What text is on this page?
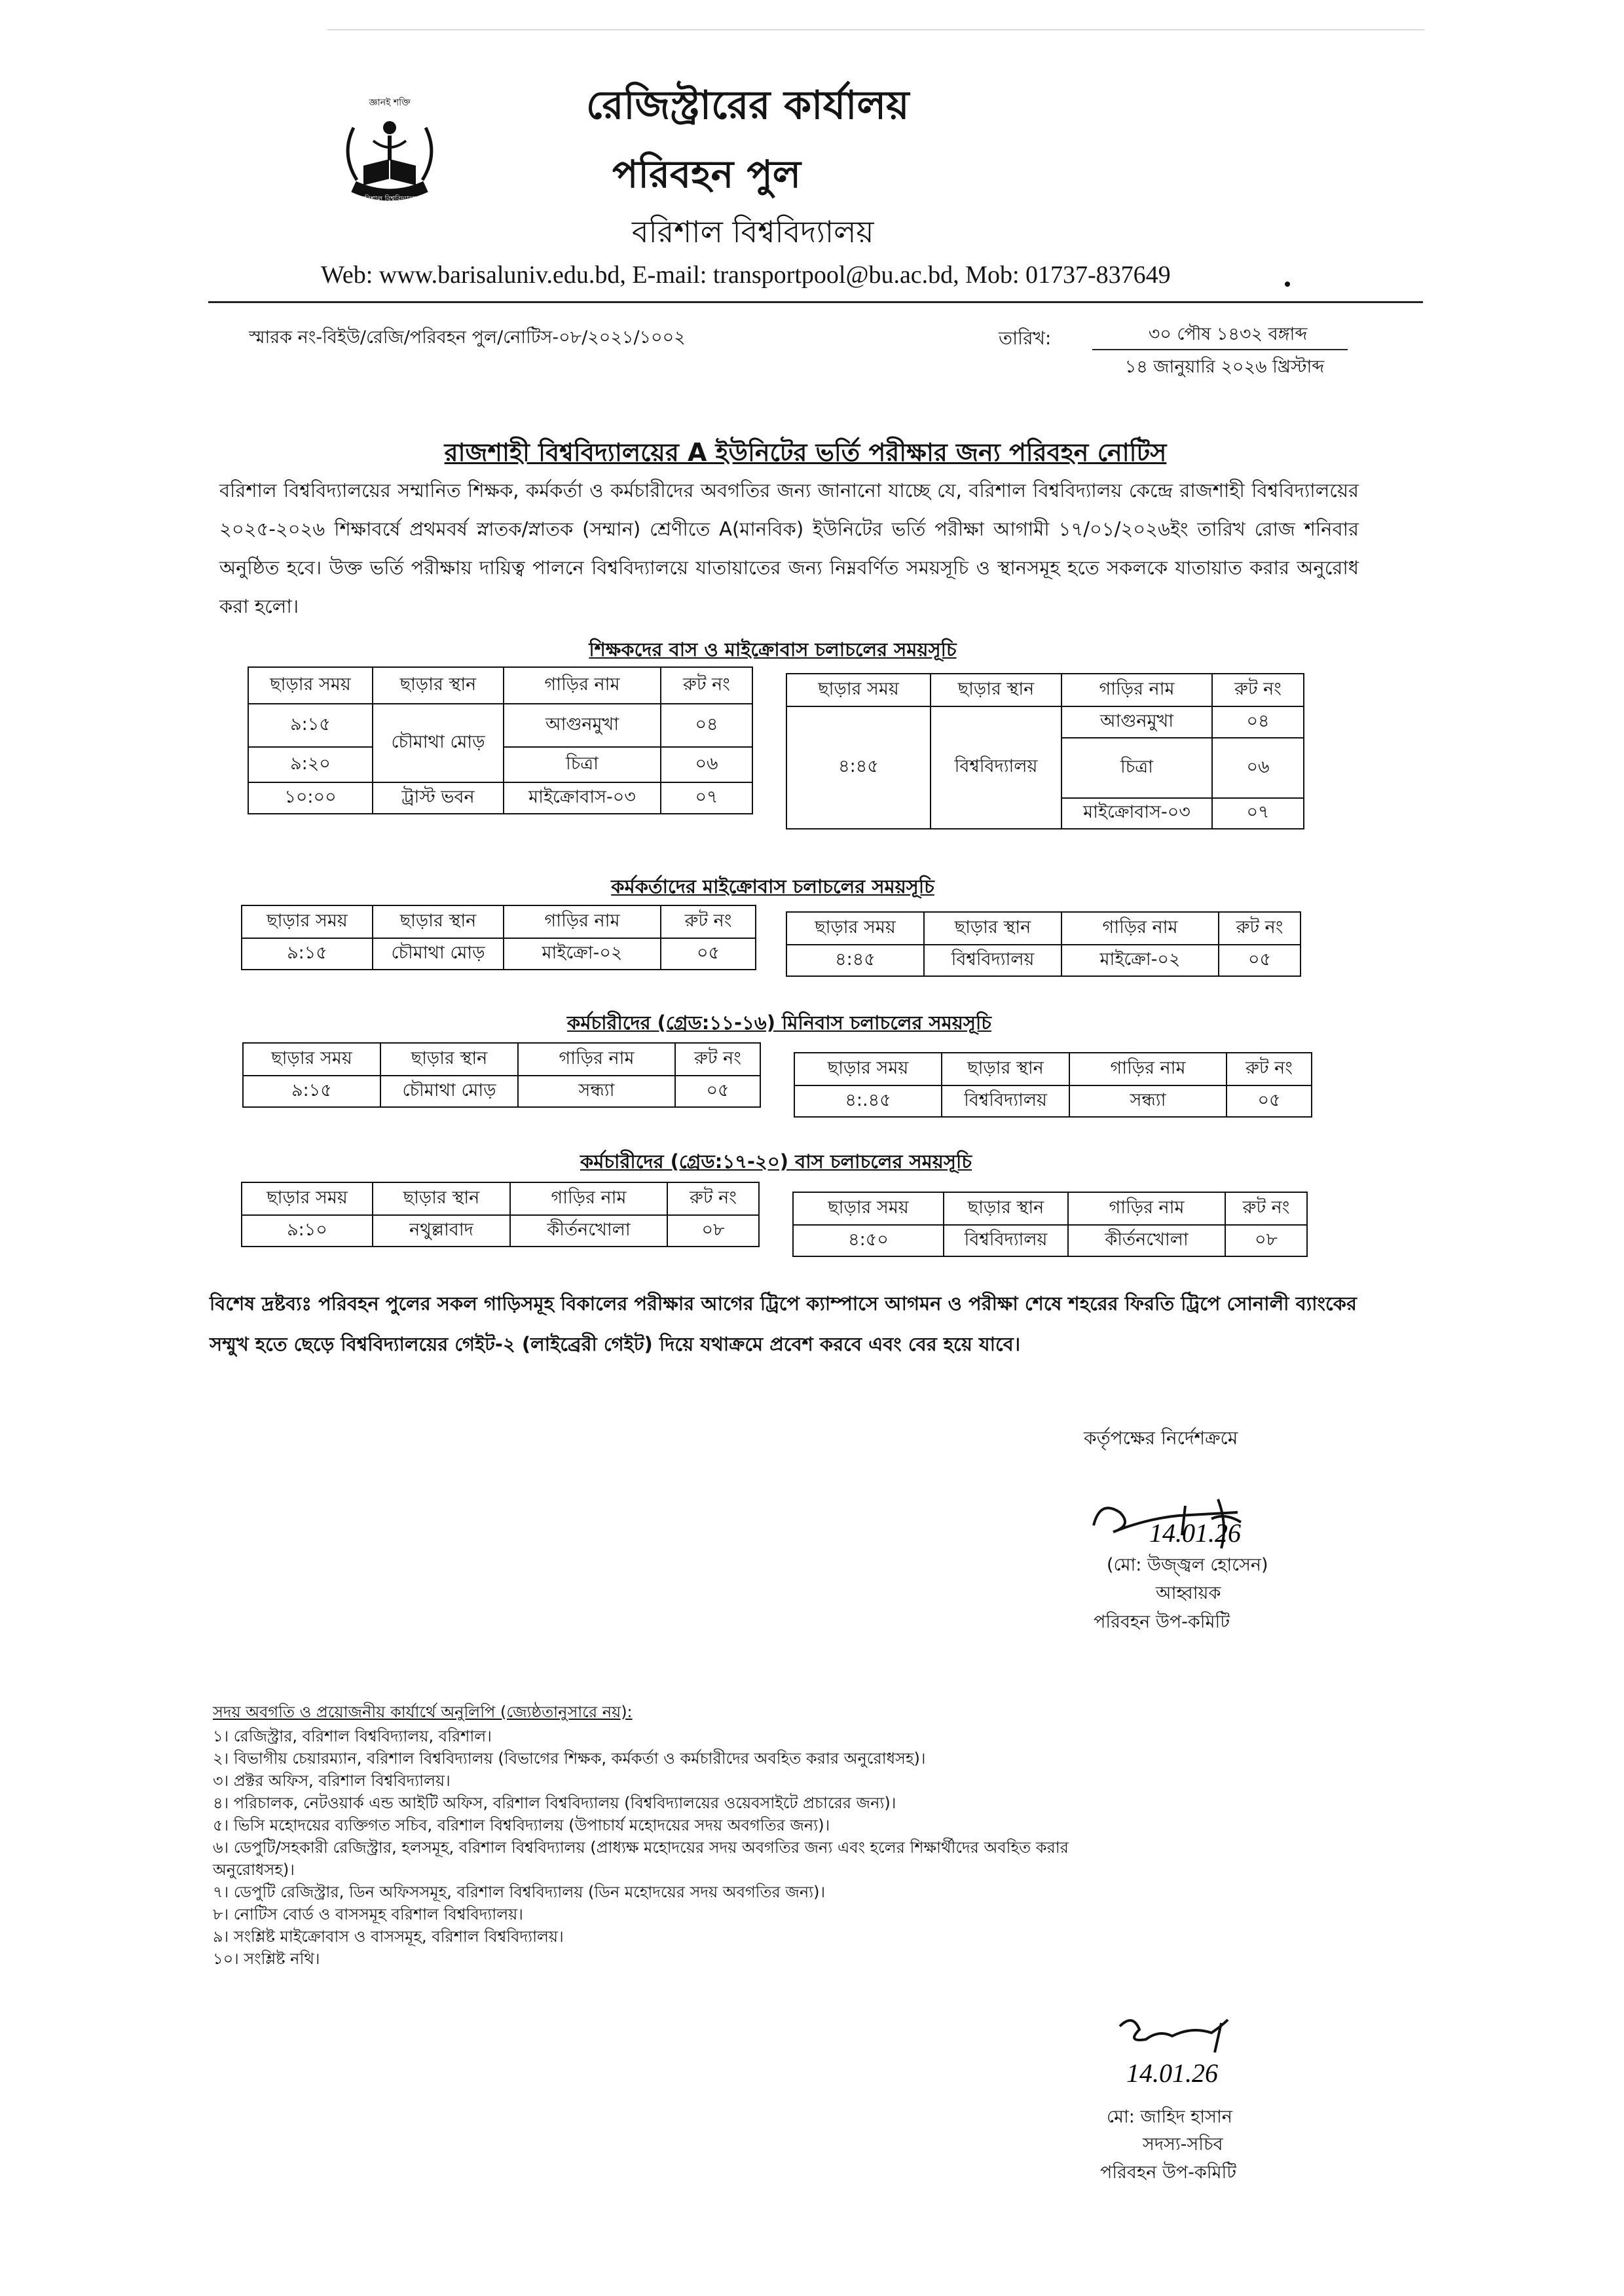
জ্ঞানই শক্তি
বরিশাল বিশ্ববিদ্যালয়
রেজিস্ট্রারের কার্যালয়
পরিবহন পুল
বরিশাল বিশ্ববিদ্যালয়
Web: www.barisaluniv.edu.bd, E-mail: transportpool@bu.ac.bd, Mob: 01737-837649
স্মারক নং-বিইউ/রেজি/পরিবহন পুল/নোটিস-০৮/২০২১/১০০২	তারিখ:	৩০ পৌষ ১৪৩২ বঙ্গাব্দ
১৪ জানুয়ারি ২০২৬ খ্রিস্টাব্দ
রাজশাহী বিশ্ববিদ্যালয়ের A ইউনিটের ভর্তি পরীক্ষার জন্য পরিবহন নোটিস
বরিশাল বিশ্ববিদ্যালয়ের সম্মানিত শিক্ষক, কর্মকর্তা ও কর্মচারীদের অবগতির জন্য জানানো যাচ্ছে যে, বরিশাল বিশ্ববিদ্যালয় কেন্দ্রে রাজশাহী বিশ্ববিদ্যালয়ের ২০২৫-২০২৬ শিক্ষাবর্ষে প্রথমবর্ষ স্নাতক/স্নাতক (সম্মান) শ্রেণীতে A(মানবিক) ইউনিটের ভর্তি পরীক্ষা আগামী ১৭/০১/২০২৬ইং তারিখ রোজ শনিবার অনুষ্ঠিত হবে। উক্ত ভর্তি পরীক্ষায় দায়িত্ব পালনে বিশ্ববিদ্যালয়ে যাতায়াতের জন্য নিম্নবর্ণিত সময়সূচি ও স্থানসমূহ হতে সকলকে যাতায়াত করার অনুরোধ করা হলো।
শিক্ষকদের বাস ও মাইক্রোবাস চলাচলের সময়সূচি
ছাড়ার সময়	ছাড়ার স্থান	গাড়ির নাম	রুট নং
৯:১৫	চৌমাথা মোড়	আগুনমুখা	০৪
৯:২০		চিত্রা	০৬
১০:০০	ট্রাস্ট ভবন	মাইক্রোবাস-০৩	০৭
ছাড়ার সময়	ছাড়ার স্থান	গাড়ির নাম	রুট নং
৪:৪৫	বিশ্ববিদ্যালয়	আগুনমুখা	০৪
		চিত্রা	০৬
		মাইক্রোবাস-০৩	০৭
কর্মকর্তাদের মাইক্রোবাস চলাচলের সময়সূচি
ছাড়ার সময়	ছাড়ার স্থান	গাড়ির নাম	রুট নং
৯:১৫	চৌমাথা মোড়	মাইক্রো-০২	০৫
ছাড়ার সময়	ছাড়ার স্থান	গাড়ির নাম	রুট নং
৪:৪৫	বিশ্ববিদ্যালয়	মাইক্রো-০২	০৫
কর্মচারীদের (গ্রেড:১১-১৬) মিনিবাস চলাচলের সময়সূচি
ছাড়ার সময়	ছাড়ার স্থান	গাড়ির নাম	রুট নং
৯:১৫	চৌমাথা মোড়	সন্ধ্যা	০৫
ছাড়ার সময়	ছাড়ার স্থান	গাড়ির নাম	রুট নং
৪:.৪৫	বিশ্ববিদ্যালয়	সন্ধ্যা	০৫
কর্মচারীদের (গ্রেড:১৭-২০) বাস চলাচলের সময়সূচি
ছাড়ার সময়	ছাড়ার স্থান	গাড়ির নাম	রুট নং
৯:১০	নথুল্লাবাদ	কীর্তনখোলা	০৮
ছাড়ার সময়	ছাড়ার স্থান	গাড়ির নাম	রুট নং
৪:৫০	বিশ্ববিদ্যালয়	কীর্তনখোলা	০৮
বিশেষ দ্রষ্টব্যঃ পরিবহন পুলের সকল গাড়িসমূহ বিকালের পরীক্ষার আগের ট্রিপে ক্যাম্পাসে আগমন ও পরীক্ষা শেষে শহরের ফিরতি ট্রিপে সোনালী ব্যাংকের সম্মুখ হতে ছেড়ে বিশ্ববিদ্যালয়ের গেইট-২ (লাইব্রেরী গেইট) দিয়ে যথাক্রমে প্রবেশ করবে এবং বের হয়ে যাবে।
কর্তৃপক্ষের নির্দেশক্রমে
14.01.26
(মো: উজ্জ্বল হোসেন)
আহ্বায়ক
পরিবহন উপ-কমিটি
সদয় অবগতি ও প্রয়োজনীয় কার্যার্থে অনুলিপি (জ্যেষ্ঠতানুসারে নয়):
১। রেজিস্ট্রার, বরিশাল বিশ্ববিদ্যালয়, বরিশাল।
২। বিভাগীয় চেয়ারম্যান, বরিশাল বিশ্ববিদ্যালয় (বিভাগের শিক্ষক, কর্মকর্তা ও কর্মচারীদের অবহিত করার অনুরোধসহ)।
৩। প্রক্টর অফিস, বরিশাল বিশ্ববিদ্যালয়।
৪। পরিচালক, নেটওয়ার্ক এন্ড আইটি অফিস, বরিশাল বিশ্ববিদ্যালয় (বিশ্ববিদ্যালয়ের ওয়েবসাইটে প্রচারের জন্য)।
৫। ভিসি মহোদয়ের ব্যক্তিগত সচিব, বরিশাল বিশ্ববিদ্যালয় (উপাচার্য মহোদয়ের সদয় অবগতির জন্য)।
৬। ডেপুটি/সহকারী রেজিস্ট্রার, হলসমূহ, বরিশাল বিশ্ববিদ্যালয় (প্রাধ্যক্ষ মহোদয়ের সদয় অবগতির জন্য এবং হলের শিক্ষার্থীদের অবহিত করার অনুরোধসহ)।
৭। ডেপুটি রেজিস্ট্রার, ডিন অফিসসমূহ, বরিশাল বিশ্ববিদ্যালয় (ডিন মহোদয়ের সদয় অবগতির জন্য)।
৮। নোটিস বোর্ড ও বাসসমূহ বরিশাল বিশ্ববিদ্যালয়।
৯। সংশ্লিষ্ট মাইক্রোবাস ও বাসসমূহ, বরিশাল বিশ্ববিদ্যালয়।
১০। সংশ্লিষ্ট নথি।
14.01.26
মো: জাহিদ হাসান
সদস্য-সচিব
পরিবহন উপ-কমিটি
